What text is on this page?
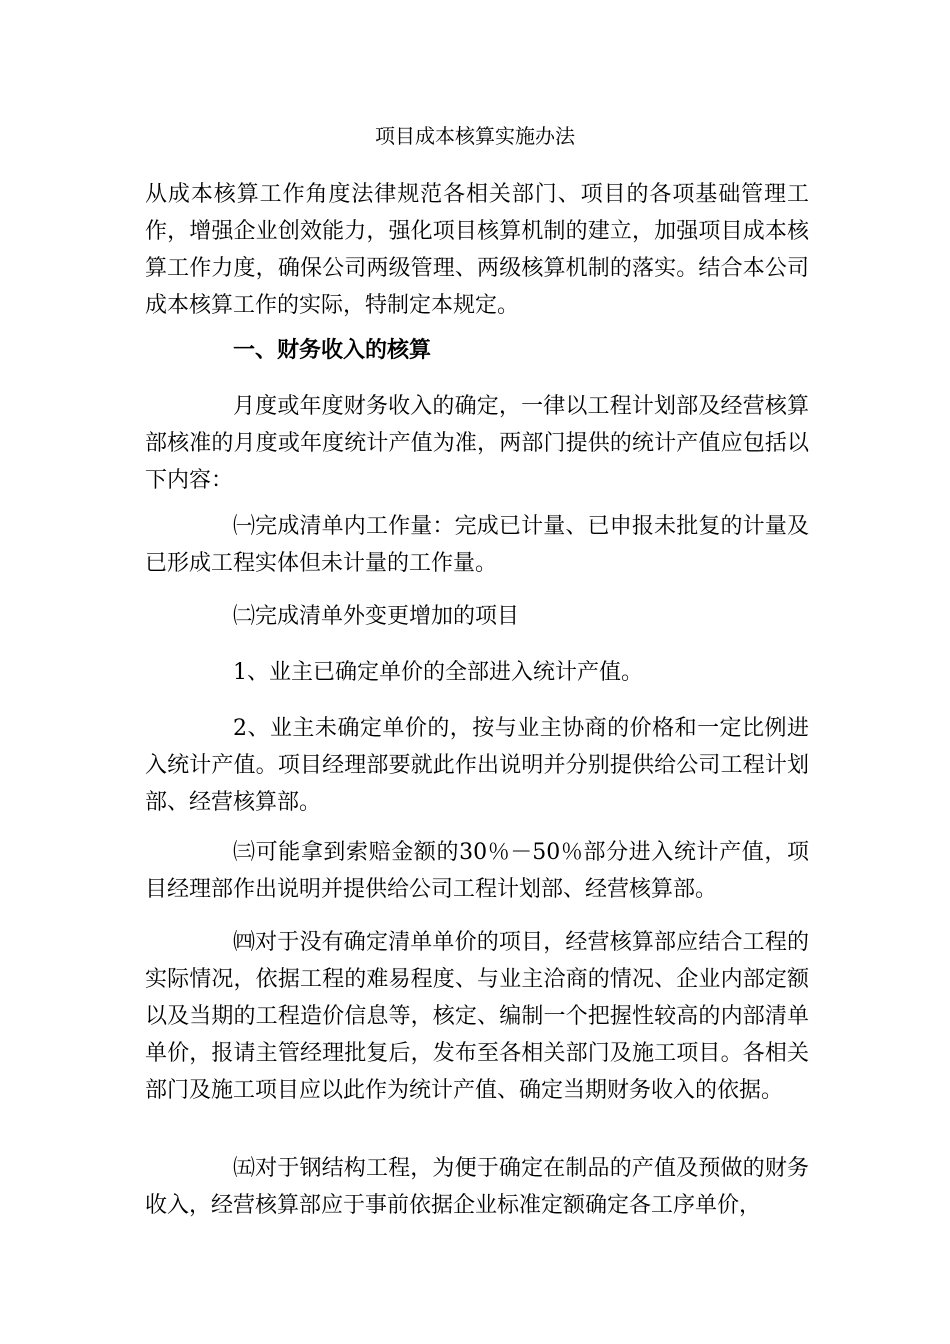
项目成本核算实施办法

从成本核算工作角度法律规范各相关部门、项目的各项基础管理工作，增强企业创效能力，强化项目核算机制的建立，加强项目成本核算工作力度，确保公司两级管理、两级核算机制的落实。结合本公司成本核算工作的实际，特制定本规定。

一、财务收入的核算

月度或年度财务收入的确定，一律以工程计划部及经营核算部核准的月度或年度统计产值为准，两部门提供的统计产值应包括以下内容：

㈠完成清单内工作量：完成已计量、已申报未批复的计量及已形成工程实体但未计量的工作量。

㈡完成清单外变更增加的项目

1、业主已确定单价的全部进入统计产值。

2、业主未确定单价的，按与业主协商的价格和一定比例进入统计产值。项目经理部要就此作出说明并分别提供给公司工程计划部、经营核算部。

㈢可能拿到索赔金额的30％－50％部分进入统计产值，项目经理部作出说明并提供给公司工程计划部、经营核算部。

㈣对于没有确定清单单价的项目，经营核算部应结合工程的实际情况，依据工程的难易程度、与业主洽商的情况、企业内部定额以及当期的工程造价信息等，核定、编制一个把握性较高的内部清单单价，报请主管经理批复后，发布至各相关部门及施工项目。各相关部门及施工项目应以此作为统计产值、确定当期财务收入的依据。

㈤对于钢结构工程，为便于确定在制品的产值及预做的财务收入，经营核算部应于事前依据企业标准定额确定各工序单价，
